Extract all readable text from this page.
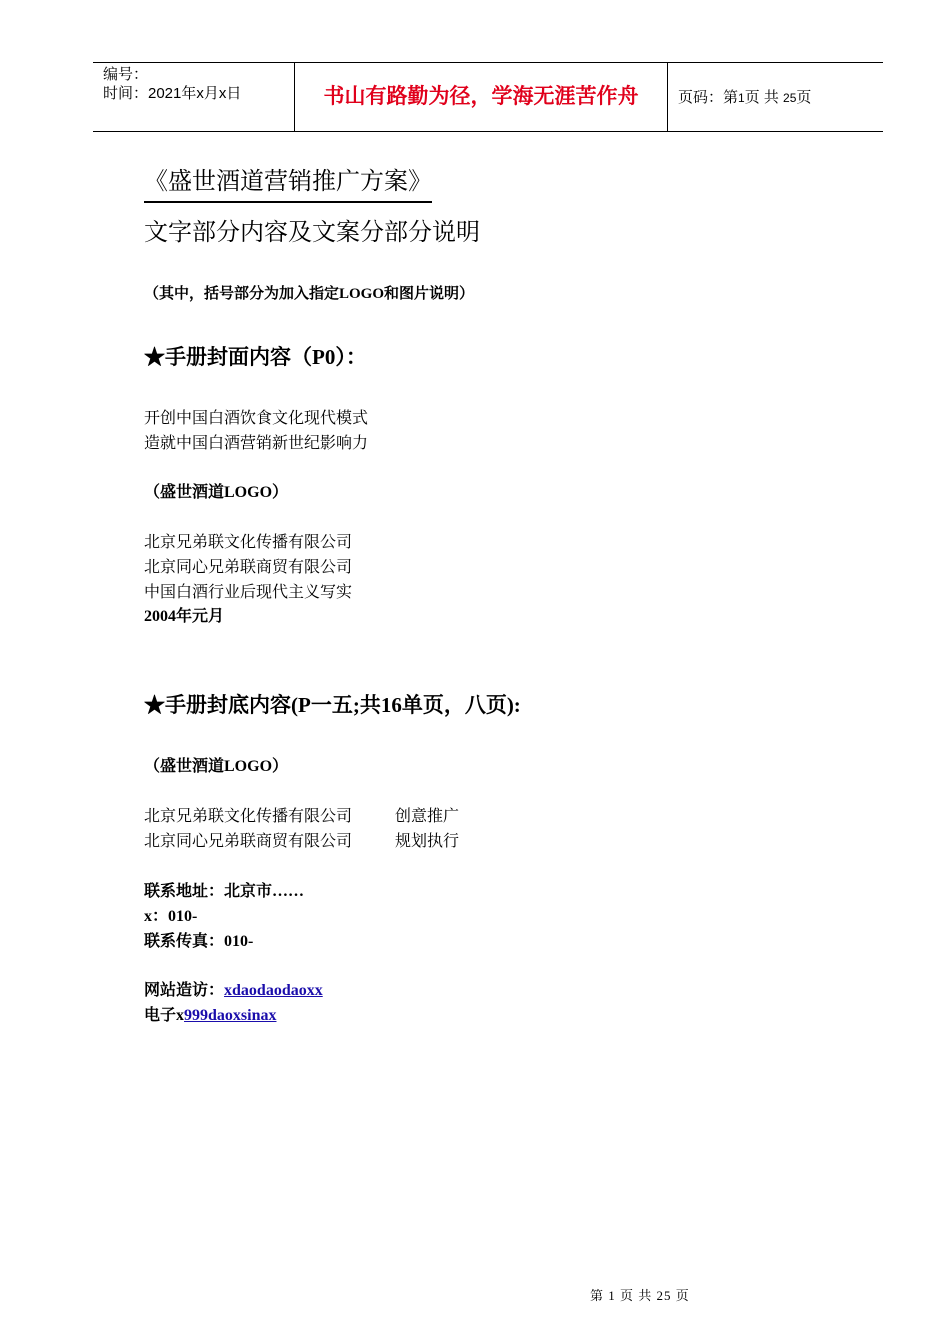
编号：
时间：2021年x月x日	书山有路勤为径，学海无涯苦作舟	页码：第1页 共 25页
《盛世酒道营销推广方案》
文字部分内容及文案分部分说明
（其中，括号部分为加入指定LOGO和图片说明）
★手册封面内容（P0）：
开创中国白酒饮食文化现代模式
造就中国白酒营销新世纪影响力
（盛世酒道LOGO）
北京兄弟联文化传播有限公司
北京同心兄弟联商贸有限公司
中国白酒行业后现代主义写实
2004年元月
★手册封底内容(P一五;共16单页，八页):
（盛世酒道LOGO）
北京兄弟联文化传播有限公司	创意推广
北京同心兄弟联商贸有限公司	规划执行
联系地址：北京市……
x：010-
联系传真：010-
网站造访：xdaodaodaoxx
电子x999daoxsinax
第 1 页 共 25 页
